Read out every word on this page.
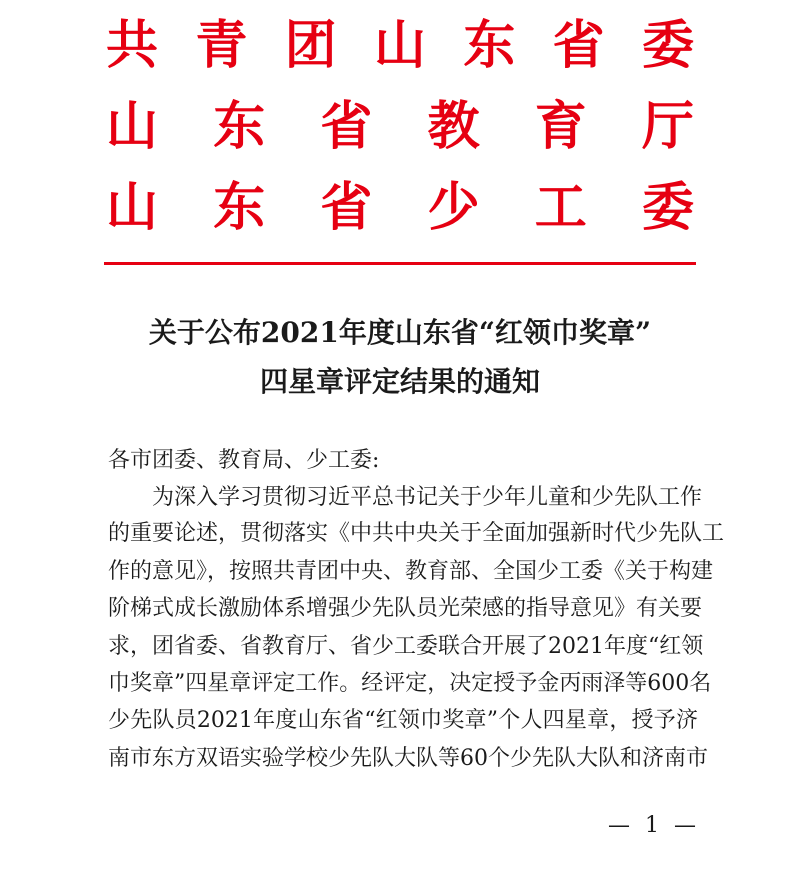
共 青 团 山 东 省 委
山 东 省 教 育 厅
山 东 省 少 工 委
关于公布2021年度山东省“红领巾奖章”
四星章评定结果的通知
各市团委、教育局、少工委:
为深入学习贯彻习近平总书记关于少年儿童和少先队工作
的重要论述，贯彻落实《中共中央关于全面加强新时代少先队工
作的意见》，按照共青团中央、教育部、全国少工委《关于构建
阶梯式成长激励体系增强少先队员光荣感的指导意见》有关要
求，团省委、省教育厅、省少工委联合开展了2021年度“红领
巾奖章”四星章评定工作。经评定，决定授予金丙雨泽等600名
少先队员2021年度山东省“红领巾奖章”个人四星章，授予济
南市东方双语实验学校少先队大队等60个少先队大队和济南市
— 1 —
